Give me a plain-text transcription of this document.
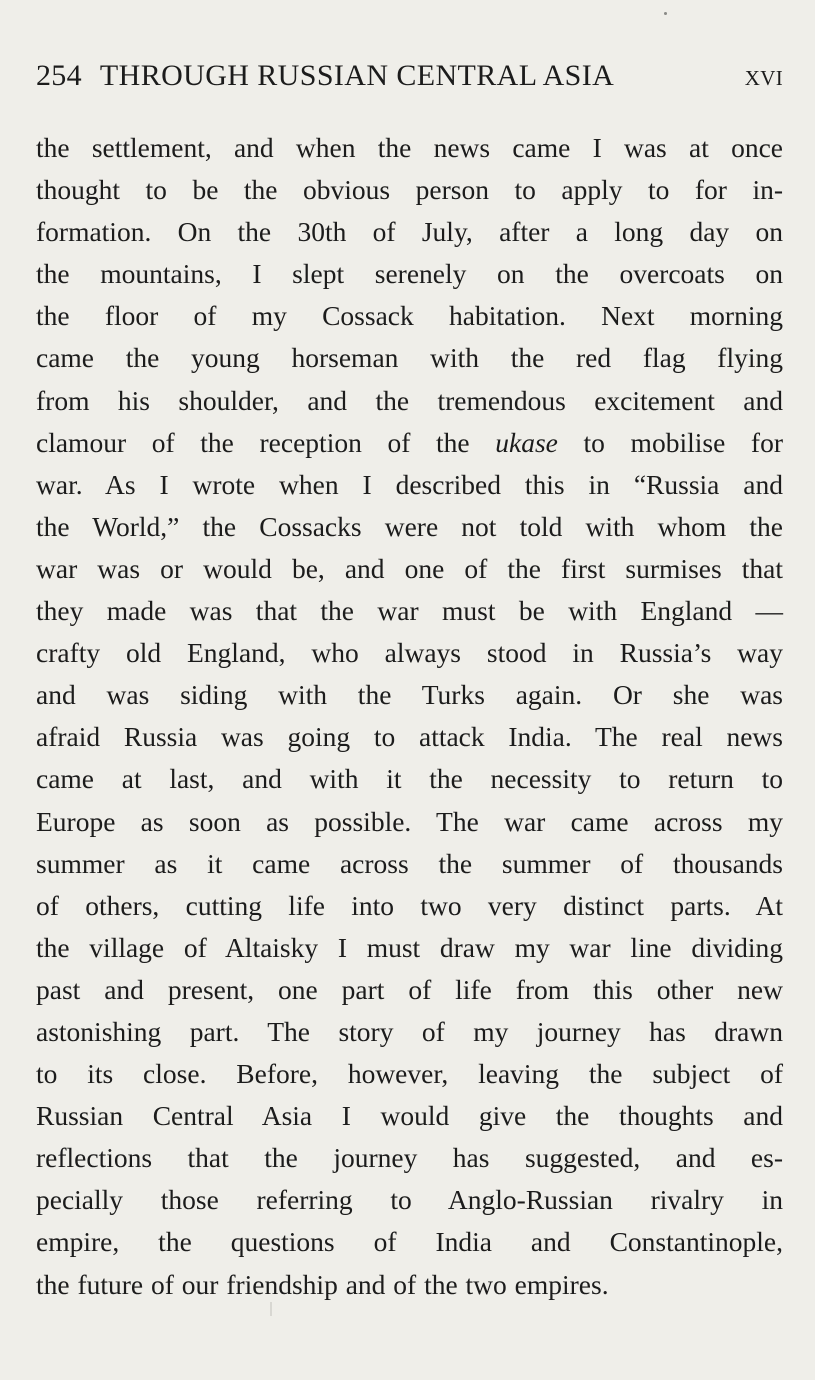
254 THROUGH RUSSIAN CENTRAL ASIA	xvi
the settlement, and when the news came I was at once
thought to be the obvious person to apply to for in-
formation. On the 30th of July, after a long day on
the mountains, I slept serenely on the overcoats on
the floor of my Cossack habitation. Next morning
came the young horseman with the red flag flying
from his shoulder, and the tremendous excitement and
clamour of the reception of the ukase to mobilise for
war. As I wrote when I described this in “Russia and
the World,” the Cossacks were not told with whom the
war was or would be, and one of the first surmises that
they made was that the war must be with England —
crafty old England, who always stood in Russia’s way
and was siding with the Turks again. Or she was
afraid Russia was going to attack India. The real news
came at last, and with it the necessity to return to
Europe as soon as possible. The war came across my
summer as it came across the summer of thousands
of others, cutting life into two very distinct parts. At
the village of Altaisky I must draw my war line dividing
past and present, one part of life from this other new
astonishing part. The story of my journey has drawn
to its close. Before, however, leaving the subject of
Russian Central Asia I would give the thoughts and
reflections that the journey has suggested, and es-
pecially those referring to Anglo-Russian rivalry in
empire, the questions of India and Constantinople,
the future of our friendship and of the two empires.
